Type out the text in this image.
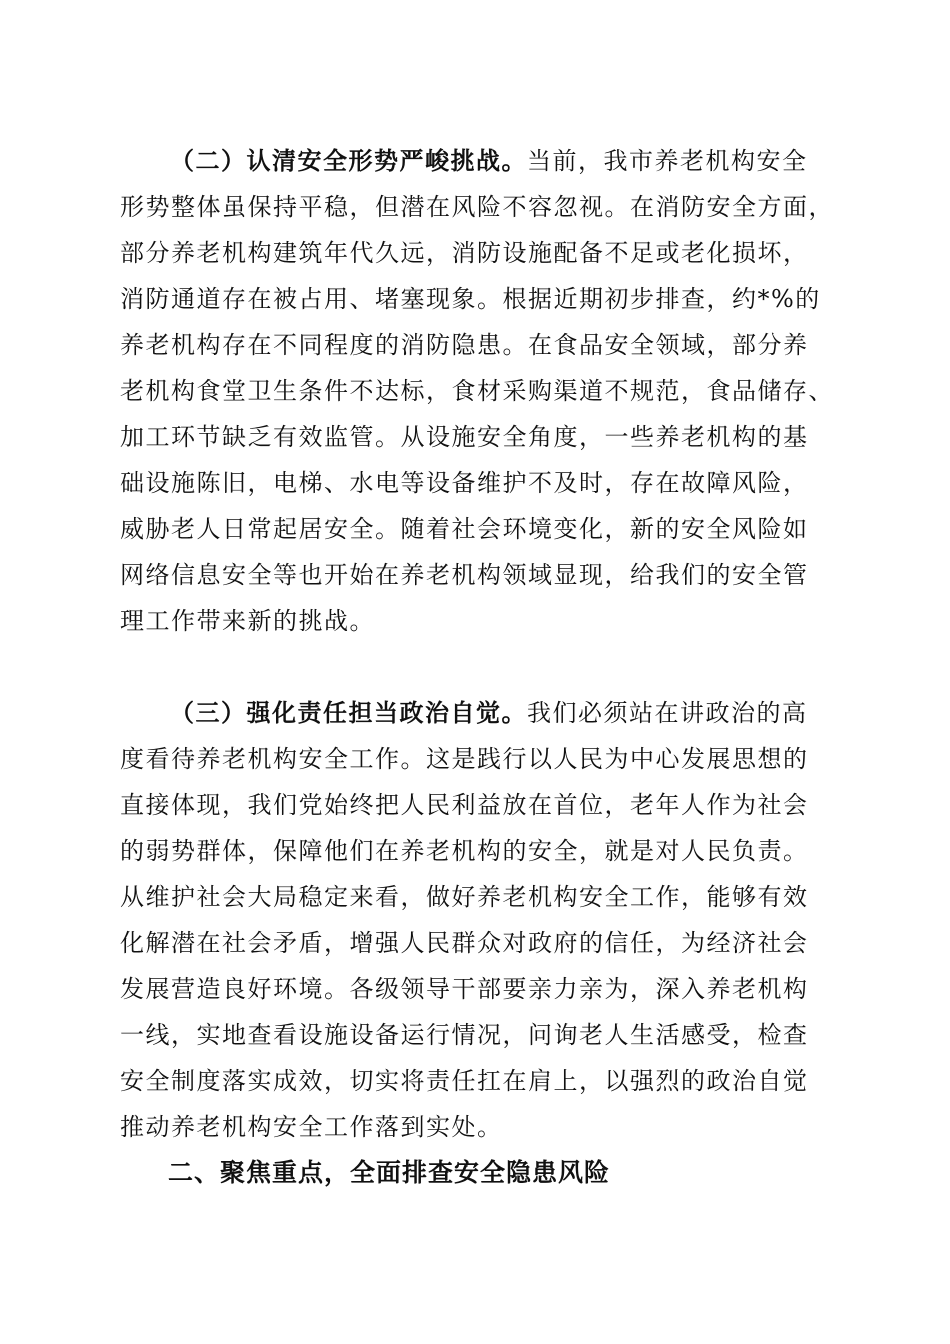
（二）认清安全形势严峻挑战。当前，我市养老机构安全
形势整体虽保持平稳，但潜在风险不容忽视。在消防安全方面，
部分养老机构建筑年代久远，消防设施配备不足或老化损坏，
消防通道存在被占用、堵塞现象。根据近期初步排查，约*%的
养老机构存在不同程度的消防隐患。在食品安全领域，部分养
老机构食堂卫生条件不达标，食材采购渠道不规范，食品储存、
加工环节缺乏有效监管。从设施安全角度，一些养老机构的基
础设施陈旧，电梯、水电等设备维护不及时，存在故障风险，
威胁老人日常起居安全。随着社会环境变化，新的安全风险如
网络信息安全等也开始在养老机构领域显现，给我们的安全管
理工作带来新的挑战。
（三）强化责任担当政治自觉。我们必须站在讲政治的高
度看待养老机构安全工作。这是践行以人民为中心发展思想的
直接体现，我们党始终把人民利益放在首位，老年人作为社会
的弱势群体，保障他们在养老机构的安全，就是对人民负责。
从维护社会大局稳定来看，做好养老机构安全工作，能够有效
化解潜在社会矛盾，增强人民群众对政府的信任，为经济社会
发展营造良好环境。各级领导干部要亲力亲为，深入养老机构
一线，实地查看设施设备运行情况，问询老人生活感受，检查
安全制度落实成效，切实将责任扛在肩上，以强烈的政治自觉
推动养老机构安全工作落到实处。
二、聚焦重点，全面排查安全隐患风险
